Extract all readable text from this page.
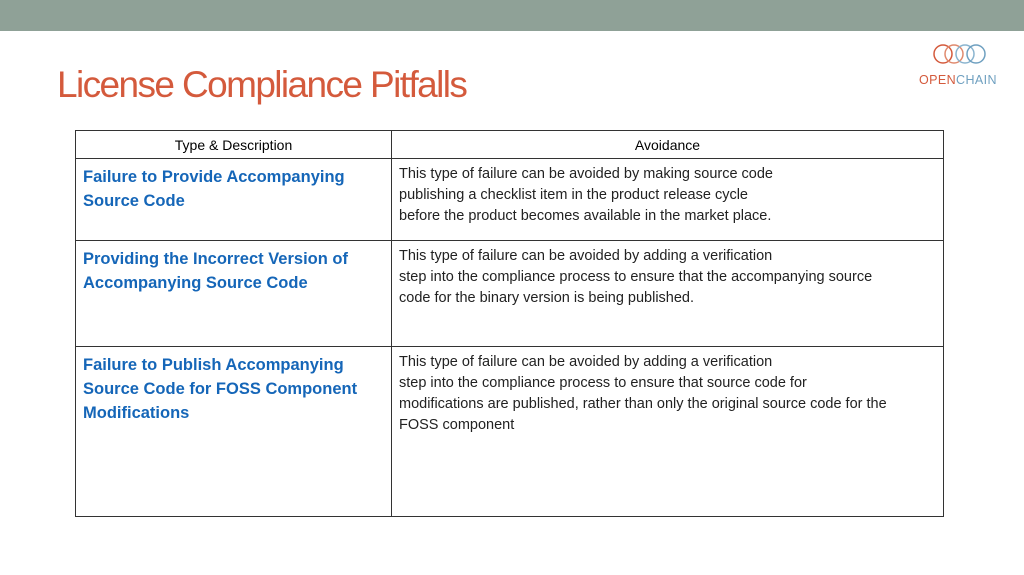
License Compliance Pitfalls	OPENCHAIN
Type & Description	Avoidance
Failure to Provide Accompanying Source Code	This type of failure can be avoided by making source code
publishing a checklist item in the product release cycle
before the product becomes available in the market place.

Providing the Incorrect Version of Accompanying Source Code	This type of failure can be avoided by adding a verification
step into the compliance process to ensure that the accompanying source
code for the binary version is being published.

Failure to Publish Accompanying Source Code for FOSS Component Modifications	This type of failure can be avoided by adding a verification
step into the compliance process to ensure that source code for
modifications are published, rather than only the original source code for the
FOSS component
